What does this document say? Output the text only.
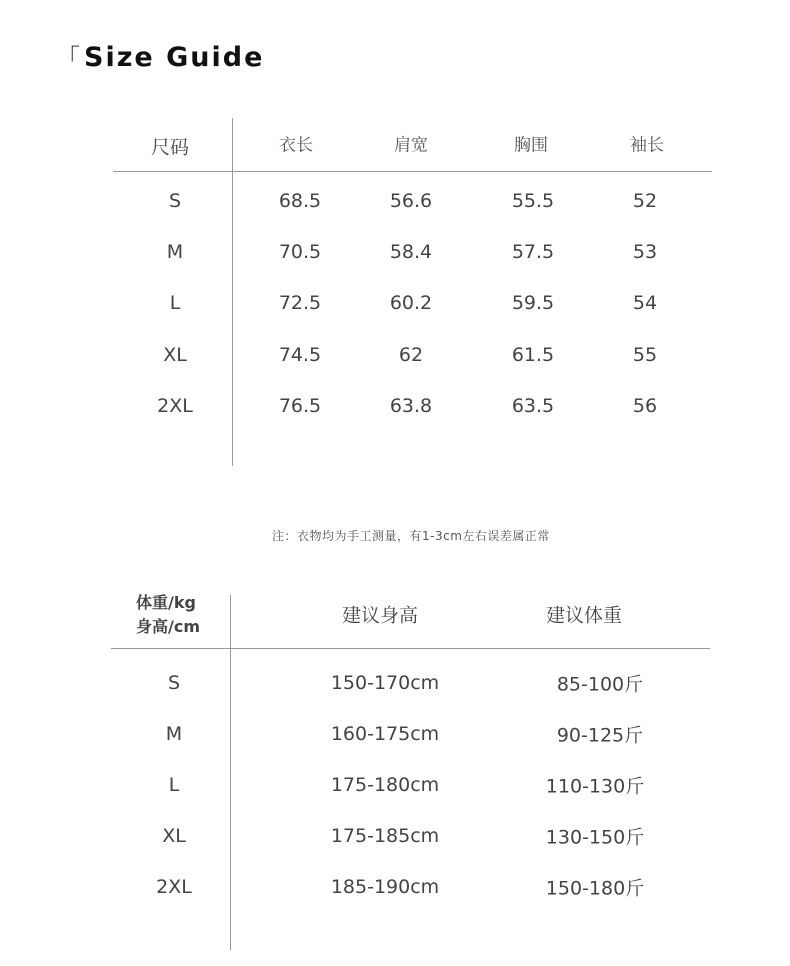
「Size Guide
尺码	衣长	肩宽	胸围	袖长
S	68.5	56.6	55.5	52
M	70.5	58.4	57.5	53
L	72.5	60.2	59.5	54
XL	74.5	62	61.5	55
2XL	76.5	63.8	63.5	56
注：衣物均为手工测量，有1-3cm左右误差属正常
体重/kg
身高/cm	建议身高	建议体重
S	150-170cm	85-100斤
M	160-175cm	90-125斤
L	175-180cm	110-130斤
XL	175-185cm	130-150斤
2XL	185-190cm	150-180斤
